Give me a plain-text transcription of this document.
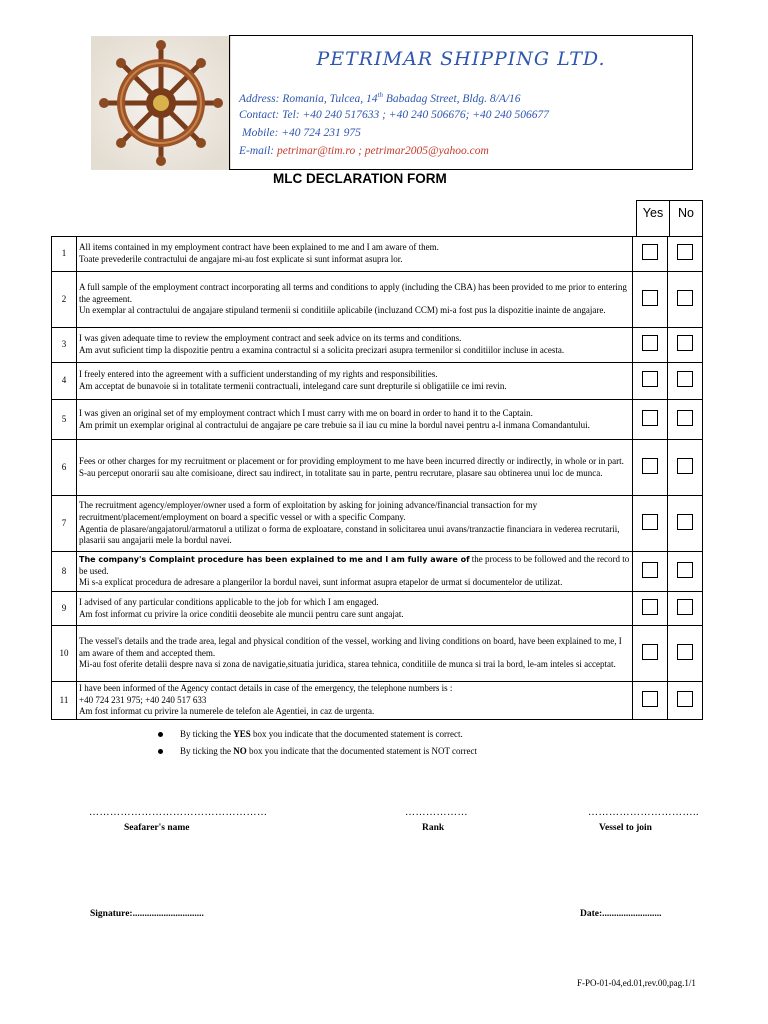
PETRIMAR SHIPPING LTD.
Address: Romania, Tulcea, 14th Babadag Street, Bldg. 8/A/16
Contact: Tel: +40 240 517633 ; +40 240 506676; +40 240 506677
Mobile: +40 724 231 975
E-mail: petrimar@tim.ro ; petrimar2005@yahoo.com
MLC DECLARATION FORM
Yes	No
1	All items contained in my employment contract have been explained to me and I am aware of them.
Toate prevederile contractului de angajare mi-au fost explicate si sunt informat asupra lor.		

2	A full sample of the employment contract incorporating all terms and conditions to apply (including the CBA) has been provided to me prior to entering the agreement.
Un exemplar al contractului de angajare stipuland termenii si conditiile aplicabile (incluzand CCM) mi-a fost pus la dispozitie inainte de angajare.		

3	I was given adequate time to review the employment contract and seek advice on its terms and conditions.
Am avut suficient timp la dispozitie pentru a examina contractul si a solicita precizari asupra termenilor si conditiilor incluse in acesta.		

4	I freely entered into the agreement with a sufficient understanding of my rights and responsibilities.
Am acceptat de bunavoie si in totalitate termenii contractuali, intelegand care sunt drepturile si obligatiile ce imi revin.		

5	I was given an original set of my employment contract which I must carry with me on board in order to hand it to the Captain.
Am primit un exemplar original al contractului de angajare pe care trebuie sa il iau cu mine la bordul navei pentru a-l inmana Comandantului.		

6	Fees or other charges for my recruitment or placement or for providing employment to me have been incurred directly or indirectly, in whole or in part.
S-au perceput onorarii sau alte comisioane, direct sau indirect, in totalitate sau in parte, pentru recrutare, plasare sau obtinerea unui loc de munca.		

7	The recruitment agency/employer/owner used a form of exploitation by asking for joining advance/financial transaction for my recruitment/placement/employment on board a specific vessel or with a specific Company.
Agentia de plasare/angajatorul/armatorul a utilizat o forma de exploatare, constand in solicitarea unui avans/tranzactie financiara in vederea recrutarii, plasarii sau angajarii mele la bordul navei.		

8	The company's Complaint procedure has been explained to me and I am fully aware of the process to be followed and the record to be used.
Mi s-a explicat procedura de adresare a plangerilor la bordul navei, sunt informat asupra etapelor de urmat si documentelor de utilizat.		

9	I advised of any particular conditions applicable to the job for which I am engaged.
Am fost informat cu privire la orice conditii deosebite ale muncii pentru care sunt angajat.		

10	The vessel's details and the trade area, legal and physical condition of the vessel, working and living conditions on board, have been explained to me, I am aware of them and accepted them.
Mi-au fost oferite detalii despre nava si zona de navigatie,situatia juridica, starea tehnica, conditiile de munca si trai la bord, le-am inteles si acceptat.		

11	I have been informed of the Agency contact details in case of the emergency, the telephone numbers is :
+40 724 231 975; +40 240 517 633
Am fost informat cu privire la numerele de telefon ale Agentiei, in caz de urgenta.		

By ticking the YES box you indicate that the documented statement is correct.
By ticking the NO box you indicate that the documented statement is NOT correct
……………………………………………
Seafarer's name
………………
Rank
…………………………..
Vessel to join
Signature:..............................	Date:.........................
F-PO-01-04,ed.01,rev.00,pag.1/1
